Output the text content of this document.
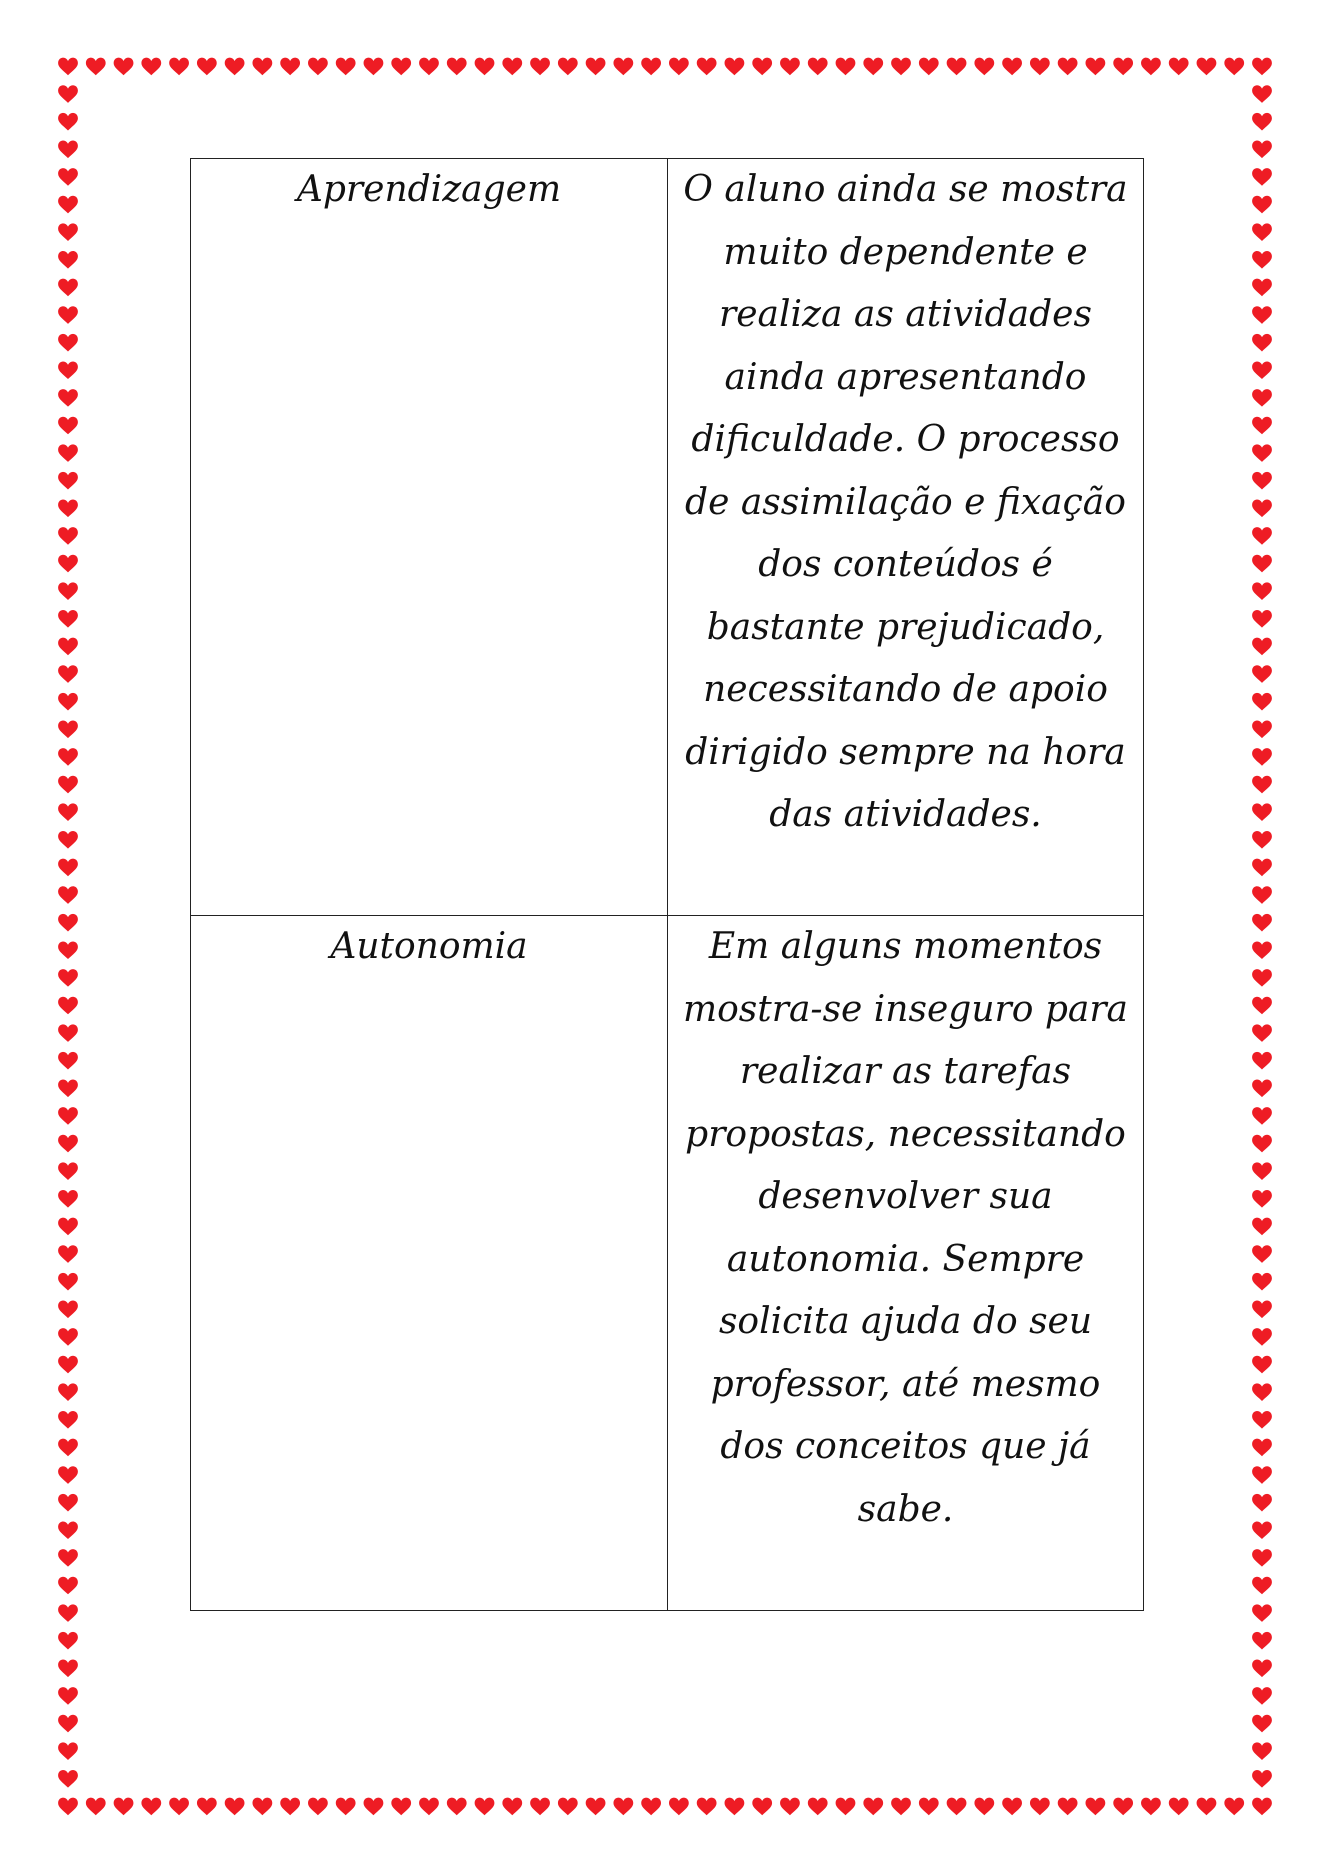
Aprendizagem	O aluno ainda se mostra muito dependente e realiza as atividades ainda apresentando dificuldade. O processo de assimilação e fixação dos conteúdos é bastante prejudicado, necessitando de apoio dirigido sempre na hora das atividades.

Autonomia	Em alguns momentos mostra-se inseguro para realizar as tarefas propostas, necessitando desenvolver sua autonomia. Sempre solicita ajuda do seu professor, até mesmo dos conceitos que já sabe.
